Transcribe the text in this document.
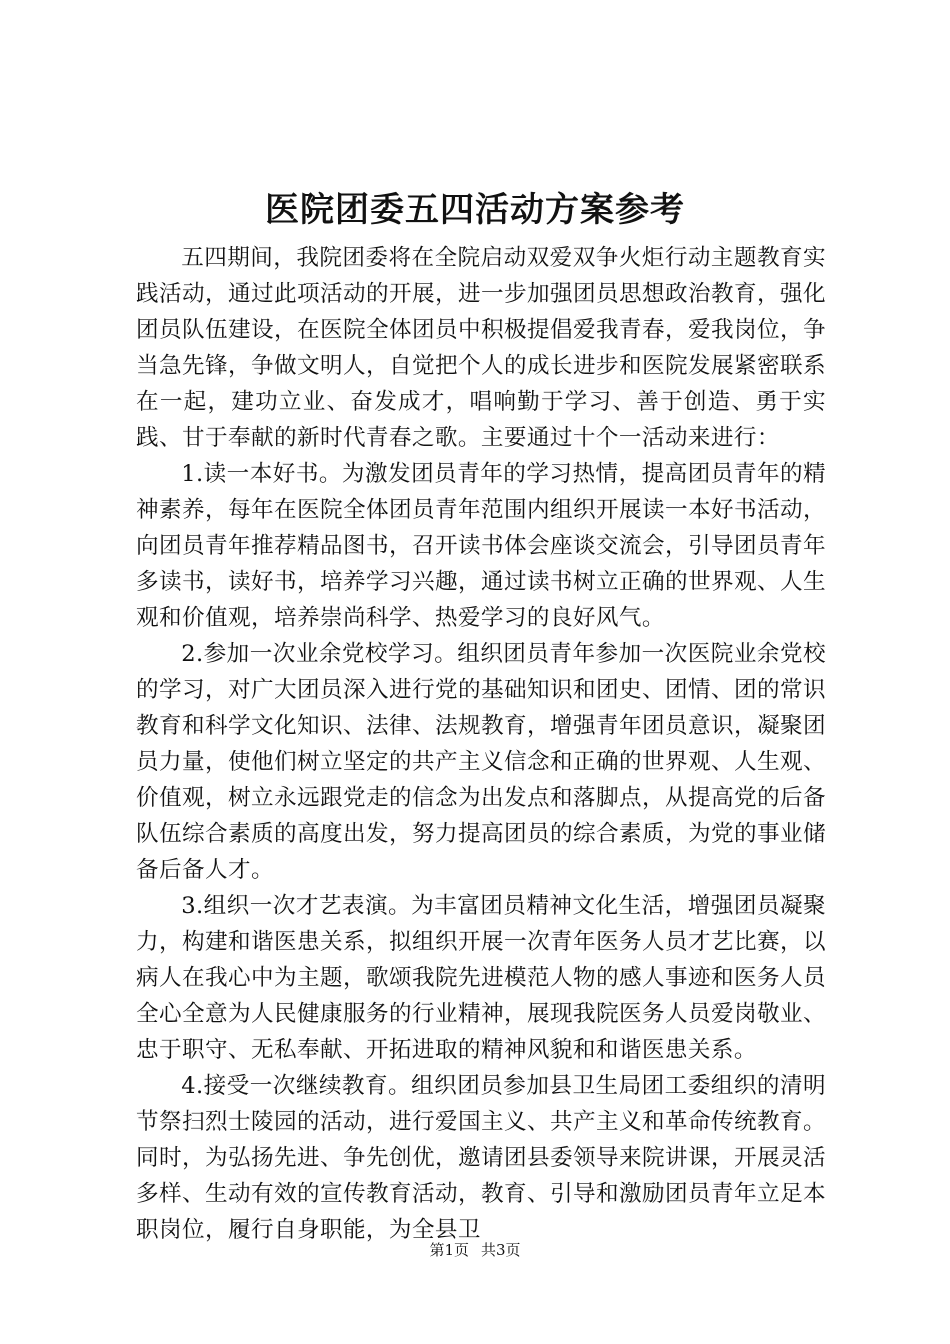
医院团委五四活动方案参考

五四期间，我院团委将在全院启动双爱双争火炬行动主题教育实践活动，通过此项活动的开展，进一步加强团员思想政治教育，强化团员队伍建设，在医院全体团员中积极提倡爱我青春，爱我岗位，争当急先锋，争做文明人，自觉把个人的成长进步和医院发展紧密联系在一起，建功立业、奋发成才，唱响勤于学习、善于创造、勇于实践、甘于奉献的新时代青春之歌。主要通过十个一活动来进行：

1.读一本好书。为激发团员青年的学习热情，提高团员青年的精神素养，每年在医院全体团员青年范围内组织开展读一本好书活动，向团员青年推荐精品图书，召开读书体会座谈交流会，引导团员青年多读书，读好书，培养学习兴趣，通过读书树立正确的世界观、人生观和价值观，培养崇尚科学、热爱学习的良好风气。

2.参加一次业余党校学习。组织团员青年参加一次医院业余党校的学习，对广大团员深入进行党的基础知识和团史、团情、团的常识教育和科学文化知识、法律、法规教育，增强青年团员意识，凝聚团员力量，使他们树立坚定的共产主义信念和正确的世界观、人生观、价值观，树立永远跟党走的信念为出发点和落脚点，从提高党的后备队伍综合素质的高度出发，努力提高团员的综合素质，为党的事业储备后备人才。

3.组织一次才艺表演。为丰富团员精神文化生活，增强团员凝聚力，构建和谐医患关系，拟组织开展一次青年医务人员才艺比赛，以病人在我心中为主题，歌颂我院先进模范人物的感人事迹和医务人员全心全意为人民健康服务的行业精神，展现我院医务人员爱岗敬业、忠于职守、无私奉献、开拓进取的精神风貌和和谐医患关系。

4.接受一次继续教育。组织团员参加县卫生局团工委组织的清明节祭扫烈士陵园的活动，进行爱国主义、共产主义和革命传统教育。同时，为弘扬先进、争先创优，邀请团县委领导来院讲课，开展灵活多样、生动有效的宣传教育活动，教育、引导和激励团员青年立足本职岗位，履行自身职能，为全县卫

第1页 共3页
